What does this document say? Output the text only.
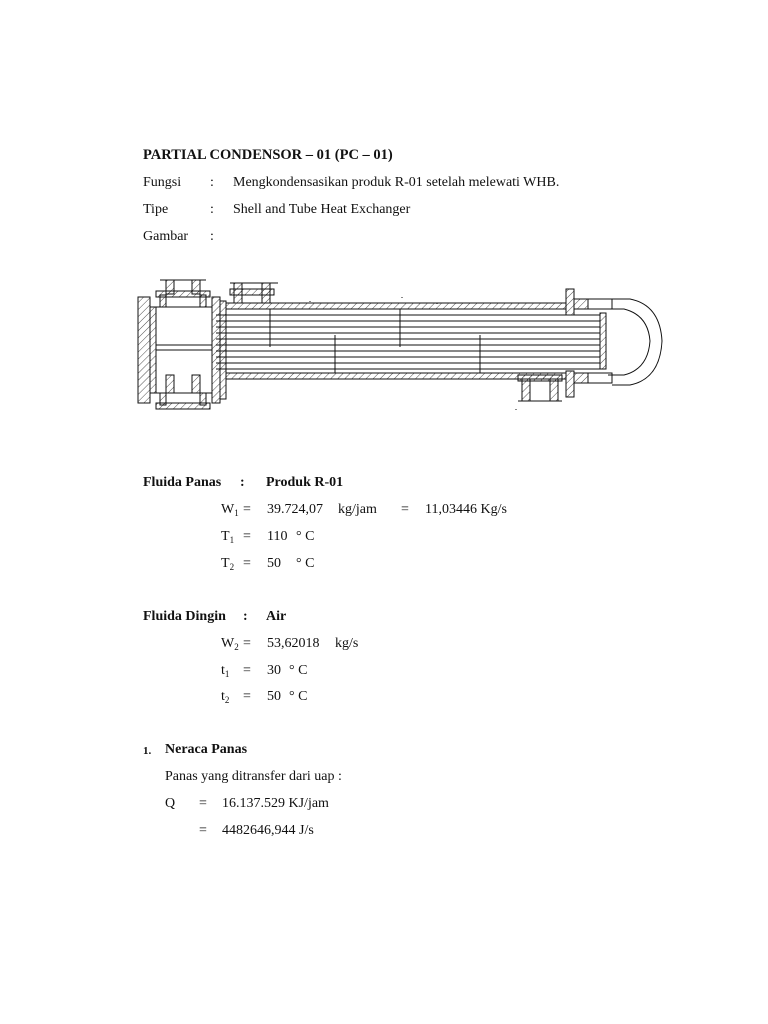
PARTIAL CONDENSOR – 01 (PC – 01)
Fungsi : Mengkondensasikan produk R-01 setelah melewati WHB.
Tipe	: Shell and Tube Heat Exchanger
Gambar :
Fluida Panas : Produk R-01
$W_1 = 39.724,07$ kg/jam = 11,03446 Kg/s
$T_1 = 110$ ° C
$T_2 = 50$ ° C
Fluida Dingin : Air
$W_2 = 53,62018$ kg/s
$t_1 = 30$ ° C
$t_2 = 50$ ° C
1. Neraca Panas
Panas yang ditransfer dari uap :
Q = 16.137.529 KJ/jam
= 4482646,944 J/s
